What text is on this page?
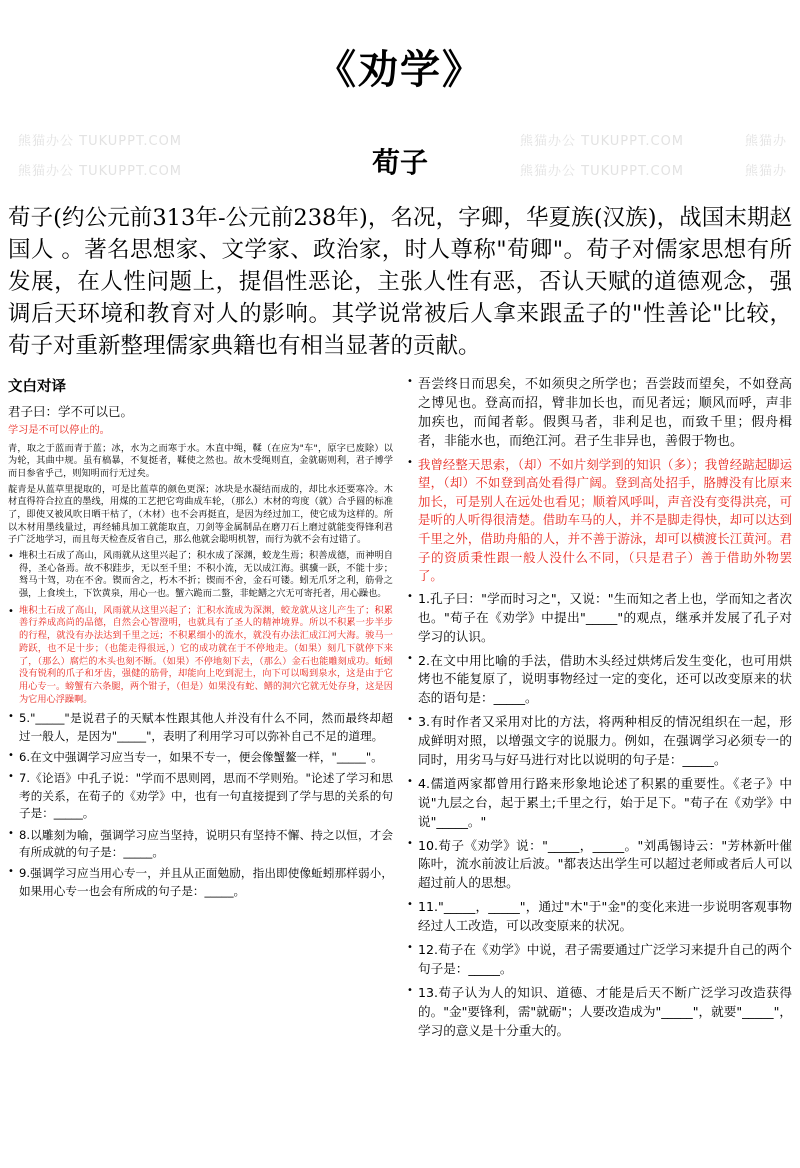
熊猫办公 TUKUPPT.COM	熊猫办公 TUKUPPT.COM	熊猫办
熊猫办公 TUKUPPT.COM	熊猫办公 TUKUPPT.COM	熊猫办
《劝学》
荀子

荀子(约公元前313年-公元前238年)，名况，字卿，华夏族(汉族)，战国末期赵国人 。著名思想家、文学家、政治家，时人尊称"荀卿"。荀子对儒家思想有所发展，在人性问题上，提倡性恶论，主张人性有恶，否认天赋的道德观念，强调后天环境和教育对人的影响。其学说常被后人拿来跟孟子的"性善论"比较，荀子对重新整理儒家典籍也有相当显著的贡献。

文白对译
君子曰：学不可以已。
学习是不可以停止的。
青，取之于蓝而青于蓝；冰，水为之而寒于水。木直中绳，鞣（在应为"车"，原字已废除）以为轮，其曲中规。虽有槁暴，不复挺者，鞣使之然也。故木受绳则直，金就砺则利，君子博学而日参省乎己，则知明而行无过矣。
靛青是从蓝草里提取的，可是比蓝草的颜色更深；冰块是水凝结而成的，却比水还要寒冷。木材直得符合拉直的墨线，用煤的工艺把它弯曲成车轮，（那么）木材的弯度（就）合乎圆的标准了，即使又被风吹日晒干枯了，（木材）也不会再挺直，是因为经过加工，使它成为这样的。所以木材用墨线量过，再经辅具加工就能取直，刀剑等金属制品在磨刀石上磨过就能变得锋利君子广泛地学习，而且每天检查反省自己，那么他就会聪明机智，而行为就不会有过错了。
• 堆积土石成了高山，风雨就从这里兴起了；积水成了深渊，蛟龙生焉；积善成德，而神明自得，圣心备焉。故不积跬步，无以至千里；不积小流，无以成江海。骐骥一跃，不能十步；驽马十驾，功在不舍。锲而舍之，朽木不折；锲而不舍，金石可镂。蚓无爪牙之利，筋骨之强，上食埃土，下饮黄泉，用心一也。蟹六跪而二螯，非蛇鳝之穴无可寄托者，用心躁也。
• 堆积土石成了高山，风雨就从这里兴起了；汇积水流成为深渊，蛟龙就从这儿产生了；积累善行养成高尚的品德，自然会心智澄明，也就具有了圣人的精神境界。所以不积累一步半步的行程，就没有办法达到千里之远；不积累细小的流水，就没有办法汇成江河大海。骏马一跨跃，也不足十步；（也能走得很远，）它的成功就在于不停地走。（如果）刻几下就停下来了，（那么）腐烂的木头也刻不断。（如果）不停地刻下去，（那么）金石也能雕刻成功。蚯蚓没有锐利的爪子和牙齿，强健的筋骨，却能向上吃到泥土，向下可以喝到泉水，这是由于它用心专一。螃蟹有六条腿，两个钳子，（但是）如果没有蛇、鳝的洞穴它就无处存身，这是因为它用心浮躁啊。
• 5."_____"是说君子的天赋本性跟其他人并没有什么不同，然而最终却超过一般人，是因为"_____"，表明了利用学习可以弥补自己不足的道理。
• 6.在文中强调学习应当专一，如果不专一，便会像蟹鳌一样，"_____"。
• 7.《论语》中孔子说："学而不思则罔，思而不学则殆。"论述了学习和思考的关系，在荀子的《劝学》中，也有一句直接提到了学与思的关系的句子是：_____。
• 8.以雕刻为喻，强调学习应当坚持，说明只有坚持不懈、持之以恒，才会有所成就的句子是：_____。
• 9.强调学习应当用心专一，并且从正面勉励，指出即使像蚯蚓那样弱小，如果用心专一也会有所成的句子是：_____。
• 吾尝终日而思矣，不如须臾之所学也；吾尝跂而望矣，不如登高之博见也。登高而招，臂非加长也，而见者远；顺风而呼，声非加疾也，而闻者彰。假舆马者，非利足也，而致千里；假舟楫者，非能水也，而绝江河。君子生非异也，善假于物也。
• 我曾经整天思索，（却）不如片刻学到的知识（多）；我曾经踮起脚运望，（却）不如登到高处看得广阔。登到高处招手，胳膊没有比原来加长，可是别人在远处也看见；顺着风呼叫，声音没有变得洪亮，可是听的人听得很清楚。借助车马的人，并不是脚走得快，却可以达到千里之外，借助舟船的人，并不善于游泳，却可以横渡长江黄河。君子的资质秉性跟一般人没什么不同，（只是君子）善于借助外物罢了。
• 1.孔子曰："学而时习之"，又说："生而知之者上也，学而知之者次也。"荀子在《劝学》中提出"_____"的观点，继承并发展了孔子对学习的认识。
• 2.在文中用比喻的手法，借助木头经过烘烤后发生变化，也可用烘烤也不能复原了，说明事物经过一定的变化，还可以改变原来的状态的语句是：_____。
• 3.有时作者又采用对比的方法，将两种相反的情况组织在一起，形成鲜明对照，以增强文字的说服力。例如，在强调学习必须专一的同时，用劣马与好马进行对比以说明的句子是：_____。
• 4.儒道两家都曾用行路来形象地论述了积累的重要性。《老子》中说"九层之台，起于累土;千里之行，始于足下。"荀子在《劝学》中说"_____。"
• 10.荀子《劝学》说："_____，_____。"刘禹锡诗云："芳林新叶催陈叶，流水前波让后波。"都表达出学生可以超过老师或者后人可以超过前人的思想。
• 11."_____，_____"，通过"木"于"金"的变化来进一步说明客观事物经过人工改造，可以改变原来的状况。
• 12.荀子在《劝学》中说，君子需要通过广泛学习来提升自己的两个句子是：_____。
• 13.荀子认为人的知识、道德、才能是后天不断广泛学习改造获得的。"金"要锋利，需"就砺"；人要改造成为"_____"，就要"_____"，学习的意义是十分重大的。
